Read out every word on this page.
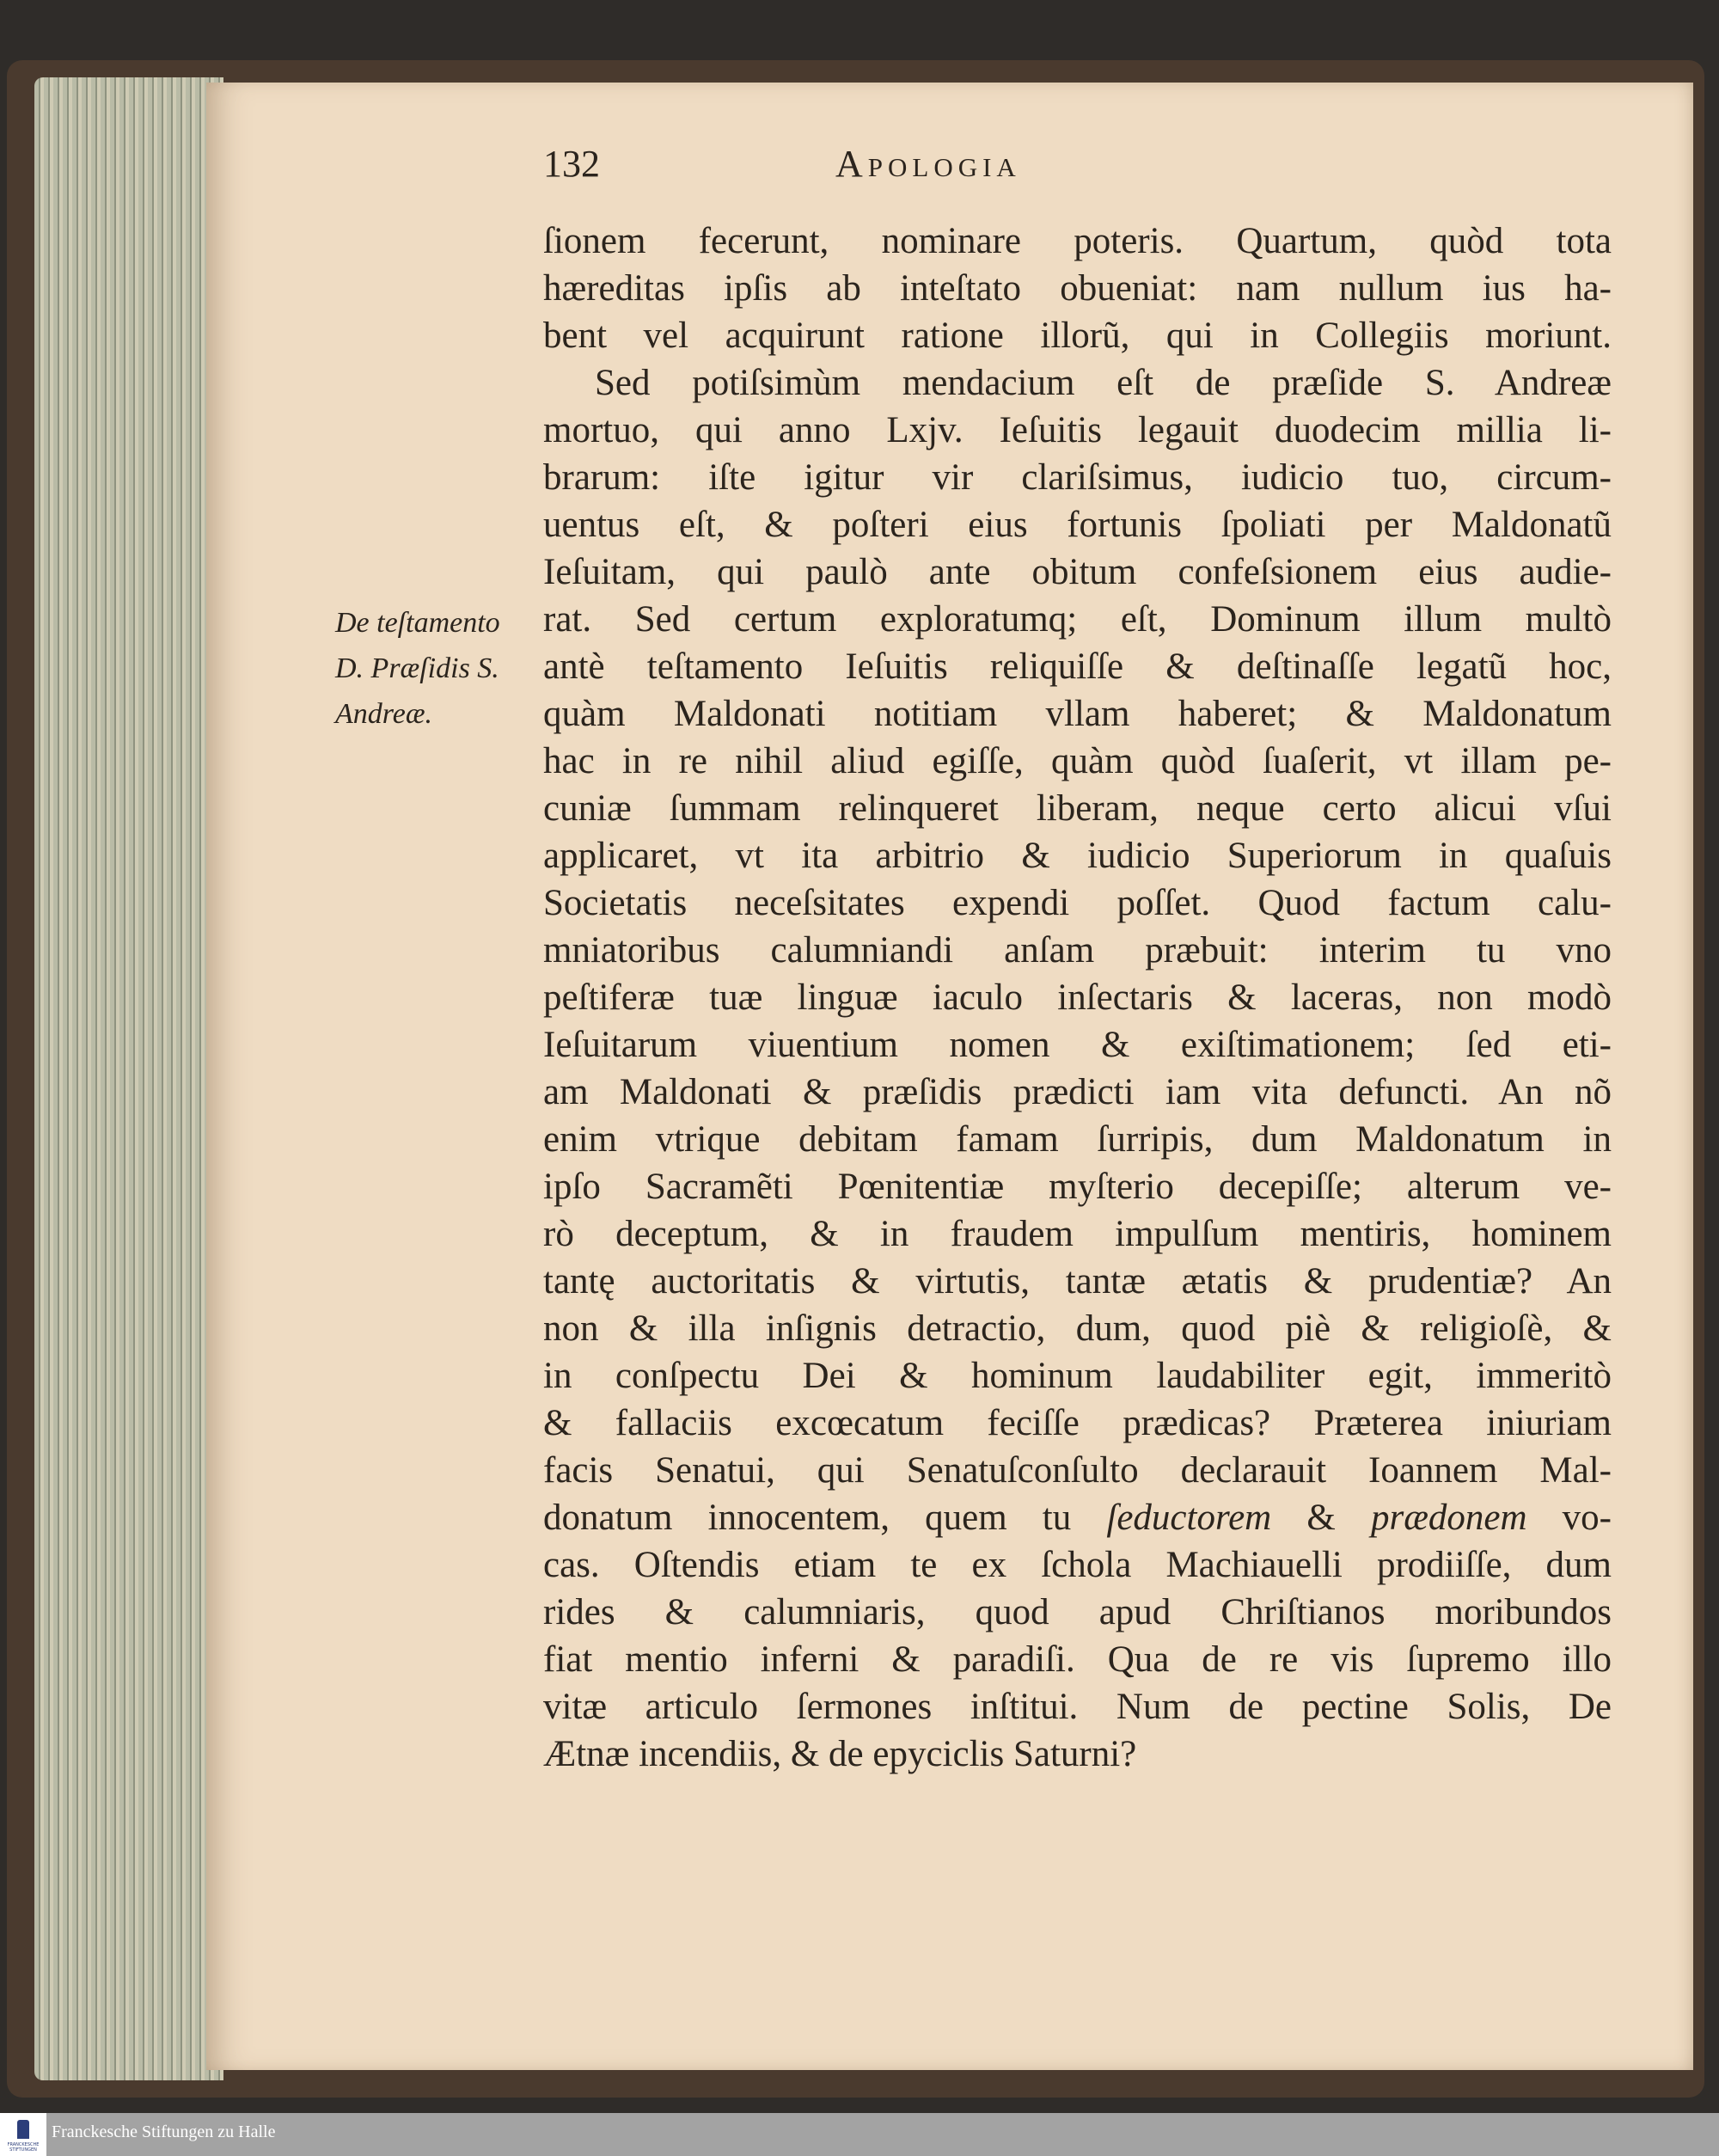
132	Apologia
De teſtamento
D. Præſidis S.
Andreæ.
ſionem fecerunt, nominare poteris. Quartum, quòd tota
hæreditas ipſis ab inteſtato obueniat: nam nullum ius ha-
bent vel acquirunt ratione illorũ, qui in Collegiis moriunt.
Sed potiſsimùm mendacium eſt de præſide S. Andreæ
mortuo, qui anno Lxjv. Ieſuitis legauit duodecim millia li-
brarum: iſte igitur vir clariſsimus, iudicio tuo, circum-
uentus eſt, & poſteri eius fortunis ſpoliati per Maldonatũ
Ieſuitam, qui paulò ante obitum confeſsionem eius audie-
rat. Sed certum exploratumq; eſt, Dominum illum multò
antè teſtamento Ieſuitis reliquiſſe & deſtinaſſe legatũ hoc,
quàm Maldonati notitiam vllam haberet; & Maldonatum
hac in re nihil aliud egiſſe, quàm quòd ſuaſerit, vt illam pe-
cuniæ ſummam relinqueret liberam, neque certo alicui vſui
applicaret, vt ita arbitrio & iudicio Superiorum in quaſuis
Societatis neceſsitates expendi poſſet. Quod factum calu-
mniatoribus calumniandi anſam præbuit: interim tu vno
peſtiferæ tuæ linguæ iaculo inſectaris & laceras, non modò
Ieſuitarum viuentium nomen & exiſtimationem; ſed eti-
am Maldonati & præſidis prædicti iam vita defuncti. An nõ
enim vtrique debitam famam ſurripis, dum Maldonatum in
ipſo Sacramẽti Pœnitentiæ myſterio decepiſſe; alterum ve-
rò deceptum, & in fraudem impulſum mentiris, hominem
tantę auctoritatis & virtutis, tantæ ætatis & prudentiæ? An
non & illa inſignis detractio, dum, quod piè & religioſè, &
in conſpectu Dei & hominum laudabiliter egit, immeritò
& fallaciis excœcatum feciſſe prædicas? Præterea iniuriam
facis Senatui, qui Senatuſconſulto declarauit Ioannem Mal-
donatum innocentem, quem tu ſeductorem & prædonem vo-
cas. Oſtendis etiam te ex ſchola Machiauelli prodiiſſe, dum
rides & calumniaris, quod apud Chriſtianos moribundos
fiat mentio inferni & paradiſi. Qua de re vis ſupremo illo
vitæ articulo ſermones inſtitui. Num de pectine Solis, De
Ætnæ incendiis, & de epyciclis Saturni?
FRANCKESCHE STIFTUNGEN
Franckesche Stiftungen zu Halle
